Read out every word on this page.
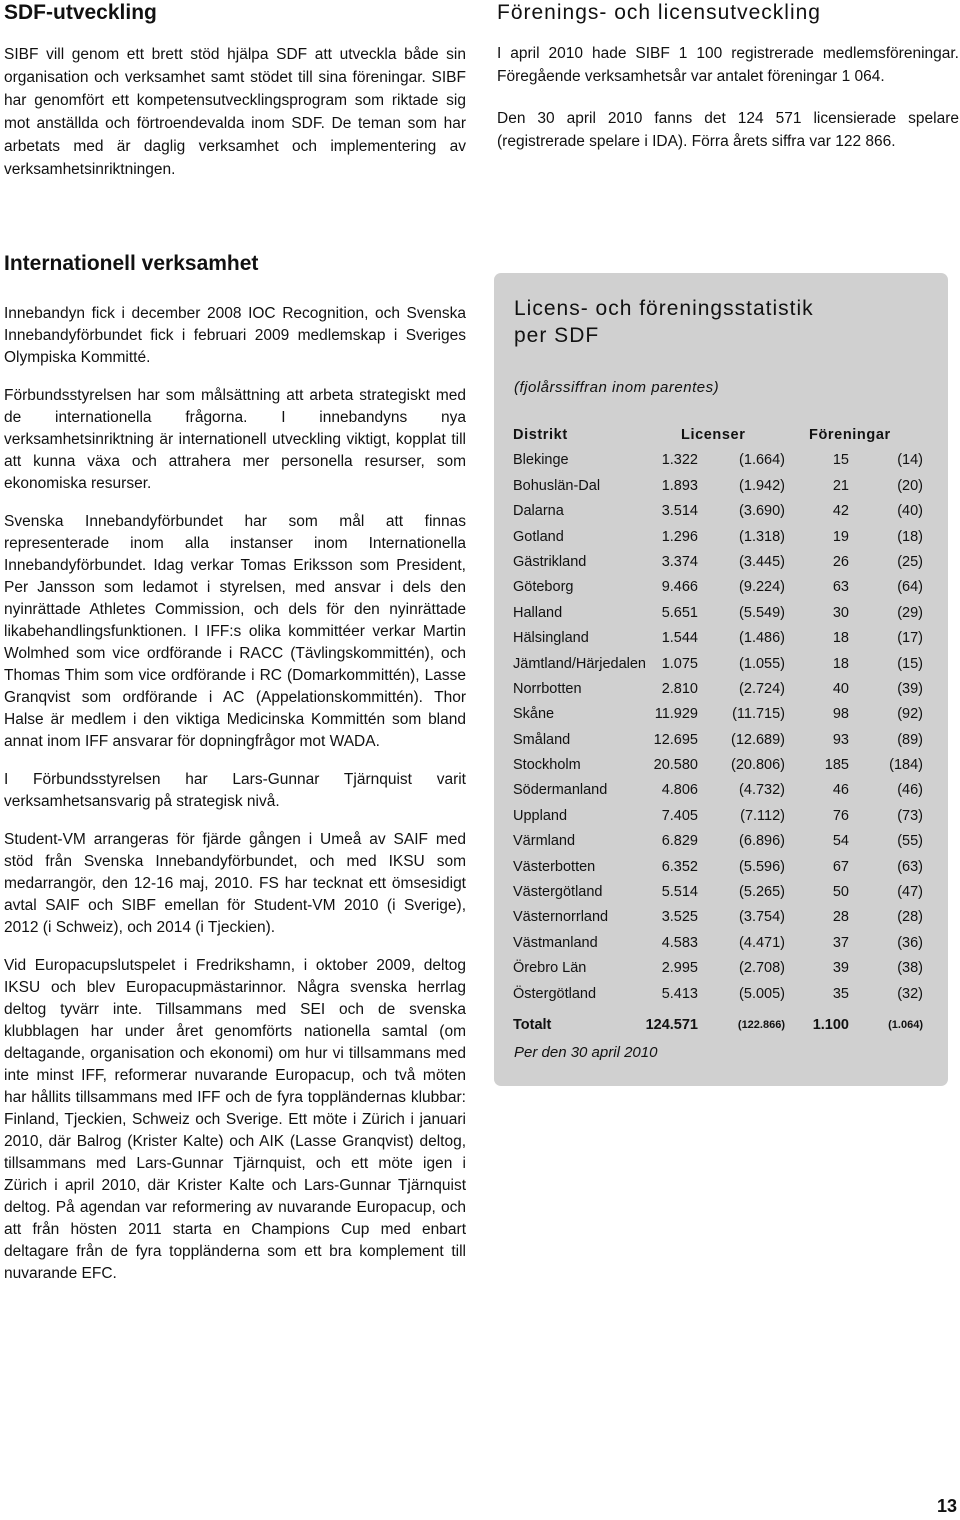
SDF-utveckling

SIBF vill genom ett brett stöd hjälpa SDF att utveckla både sin organisation och verksamhet samt stödet till sina föreningar. SIBF har genomfört ett kompetensutvecklingsprogram som riktade sig mot anställda och förtroendevalda inom SDF. De teman som har arbetats med är daglig verksamhet och implementering av verksamhetsinriktningen.

Förenings- och licensutveckling

I april 2010 hade SIBF 1 100 registrerade medlemsföreningar. Föregående verksamhetsår var antalet föreningar 1 064.

Den 30 april 2010 fanns det 124 571 licensierade spelare (registrerade spelare i IDA). Förra årets siffra var 122 866.

Internationell verksamhet

Innebandyn fick i december 2008 IOC Recognition, och Svenska Innebandyförbundet fick i februari 2009 medlemskap i Sveriges Olympiska Kommitté.

Förbundsstyrelsen har som målsättning att arbeta strategiskt med de internationella frågorna. I innebandyns nya verksamhetsinriktning är internationell utveckling viktigt, kopplat till att kunna växa och attrahera mer personella resurser, som ekonomiska resurser.

Svenska Innebandyförbundet har som mål att finnas representerade inom alla instanser inom Internationella Innebandyförbundet. Idag verkar Tomas Eriksson som President, Per Jansson som ledamot i styrelsen, med ansvar i dels den nyinrättade Athletes Commission, och dels för den nyinrättade likabehandlingsfunktionen. I IFF:s olika kommittéer verkar Martin Wolmhed som vice ordförande i RACC (Tävlingskommittén), och Thomas Thim som vice ordförande i RC (Domarkommittén), Lasse Granqvist som ordförande i AC (Appelationskommittén). Thor Halse är medlem i den viktiga Medicinska Kommittén som bland annat inom IFF ansvarar för dopningfrågor mot WADA.

I Förbundsstyrelsen har Lars-Gunnar Tjärnquist varit verksamhetsansvarig på strategisk nivå.

Student-VM arrangeras för fjärde gången i Umeå av SAIF med stöd från Svenska Innebandyförbundet, och med IKSU som medarrangör, den 12-16 maj, 2010. FS har tecknat ett ömsesidigt avtal SAIF och SIBF emellan för Student-VM 2010 (i Sverige), 2012 (i Schweiz), och 2014 (i Tjeckien).

Vid Europacupslutspelet i Fredrikshamn, i oktober 2009, deltog IKSU och blev Europacupmästarinnor. Några svenska herrlag deltog tyvärr inte. Tillsammans med SEI och de svenska klubblagen har under året genomförts nationella samtal (om deltagande, organisation och ekonomi) om hur vi tillsammans med inte minst IFF, reformerar nuvarande Europacup, och två möten har hållits tillsammans med IFF och de fyra toppländernas klubbar: Finland, Tjeckien, Schweiz och Sverige. Ett möte i Zürich i januari 2010, där Balrog (Krister Kalte) och AIK (Lasse Granqvist) deltog, tillsammans med Lars-Gunnar Tjärnquist, och ett möte igen i Zürich i april 2010, där Krister Kalte och Lars-Gunnar Tjärnquist deltog. På agendan var reformering av nuvarande Europacup, och att från hösten 2011 starta en Champions Cup med enbart deltagare från de fyra toppländerna som ett bra komplement till nuvarande EFC.

Licens- och föreningsstatistik per SDF
(fjolårssiffran inom parentes)
Distrikt	Licenser	Föreningar
Blekinge	1.322	(1.664)	15	(14)
Bohuslän-Dal	1.893	(1.942)	21	(20)
Dalarna	3.514	(3.690)	42	(40)
Gotland	1.296	(1.318)	19	(18)
Gästrikland	3.374	(3.445)	26	(25)
Göteborg	9.466	(9.224)	63	(64)
Halland	5.651	(5.549)	30	(29)
Hälsingland	1.544	(1.486)	18	(17)
Jämtland/Härjedalen 1.075	(1.055)	18	(15)
Norrbotten	2.810	(2.724)	40	(39)
Skåne	11.929 (11.715)	98	(92)
Småland	12.695 (12.689)	93	(89)
Stockholm	20.580 (20.806)	185	(184)
Södermanland	4.806	(4.732)	46	(46)
Uppland	7.405	(7.112)	76	(73)
Värmland	6.829	(6.896)	54	(55)
Västerbotten	6.352	(5.596)	67	(63)
Västergötland	5.514	(5.265)	50	(47)
Västernorrland	3.525	(3.754)	28	(28)
Västmanland	4.583	(4.471)	37	(36)
Örebro Län	2.995	(2.708)	39	(38)
Östergötland	5.413	(5.005)	35	(32)
Totalt	124.571	(122.866) 1.100	(1.064)
Per den 30 april 2010
13
